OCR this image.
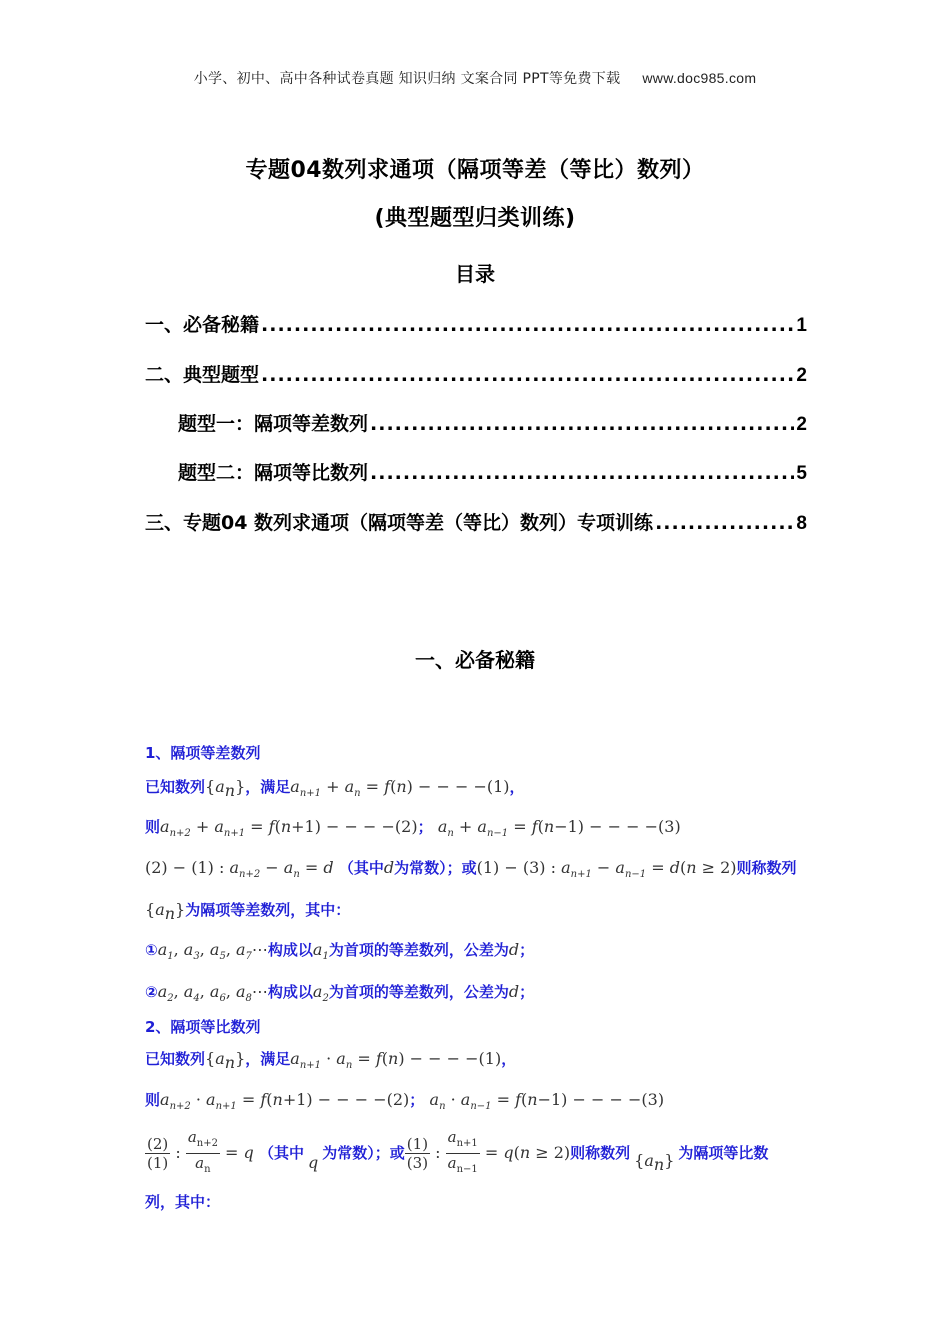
小学、初中、高中各种试卷真题 知识归纳 文案合同 PPT等免费下载 www.doc985.com
专题04数列求通项（隔项等差（等比）数列）
(典型题型归类训练)
目录
一、必备秘籍 .....	1
二、典型题型 .....	2
题型一：隔项等差数列 .....	2
题型二：隔项等比数列 .....	5
三、专题04 数列求通项（隔项等差（等比）数列）专项训练 .....	8
一、必备秘籍
1、隔项等差数列
已知数列$\{a_n\}$，满足$a_{n+1} + a_n = f(n)$ − − − −(1)，
则$a_{n+2} + a_{n+1} = f(n+1)$ − − − −(2)； $a_n + a_{n-1} = f(n-1)$ − − − −(3)
(2) − (1) : $a_{n+2} - a_n = d$ （其中d为常数）；或(1) − (3) : $a_{n+1} - a_{n-1} = d(n \ge 2)$则称数列
$\{a_n\}$为隔项等差数列，其中：
$①a_1$, $a_3$, $a_5$, $a_7\cdots$构成以$a_1$为首项的等差数列，公差为d；
$②a_2$, $a_4$, $a_6$, $a_8\cdots$构成以$a_2$为首项的等差数列，公差为d；
2、隔项等比数列
已知数列$\{a_n\}$，满足$a_{n+1} \cdot a_n = f(n)$ − − − −(1)，
则$a_{n+2} \cdot a_{n+1} = f(n+1)$ − − − −(2)； $a_n \cdot a_{n-1} = f(n-1)$ − − − −(3)
$\frac{(2)}{(1)}$ : $\frac{a_{n+2}}{a_n} = q$ （其中 q 为常数）；或 $\frac{(1)}{(3)}$ : $\frac{a_{n+1}}{a_{n-1}} = q(n \ge 2)$则称数列 $\{a_n\}$ 为隔项等比数
列，其中：
